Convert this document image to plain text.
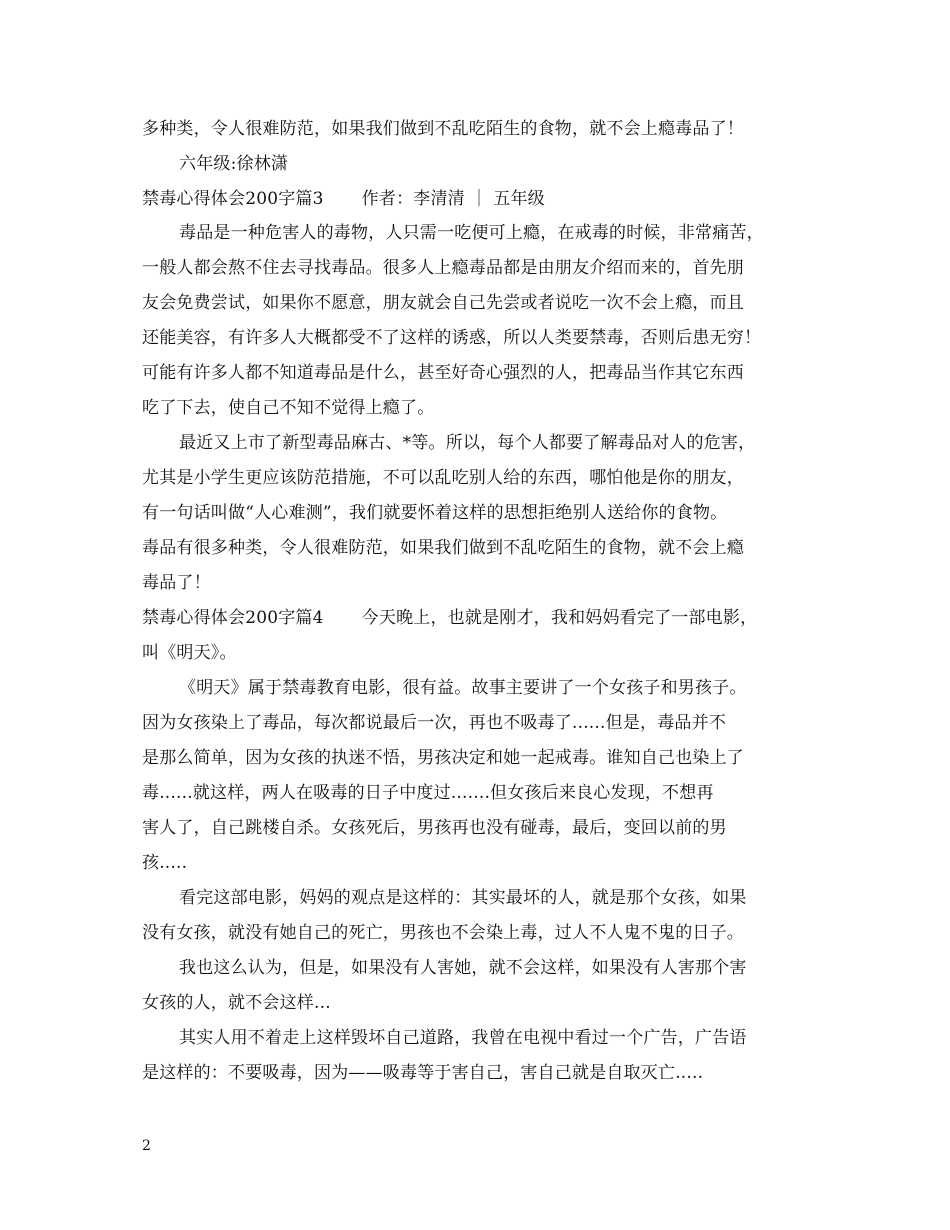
多种类，令人很难防范，如果我们做到不乱吃陌生的食物，就不会上瘾毒品了！
六年级:徐林潇
禁毒心得体会200字篇3 作者：李清清 ｜ 五年级
毒品是一种危害人的毒物，人只需一吃便可上瘾，在戒毒的时候，非常痛苦，
一般人都会熬不住去寻找毒品。很多人上瘾毒品都是由朋友介绍而来的，首先朋
友会免费尝试，如果你不愿意，朋友就会自己先尝或者说吃一次不会上瘾，而且
还能美容，有许多人大概都受不了这样的诱惑，所以人类要禁毒，否则后患无穷！
可能有许多人都不知道毒品是什么，甚至好奇心强烈的人，把毒品当作其它东西
吃了下去，使自己不知不觉得上瘾了。
最近又上市了新型毒品麻古、*等。所以，每个人都要了解毒品对人的危害，
尤其是小学生更应该防范措施，不可以乱吃别人给的东西，哪怕他是你的朋友，
有一句话叫做“人心难测”，我们就要怀着这样的思想拒绝别人送给你的食物。
毒品有很多种类，令人很难防范，如果我们做到不乱吃陌生的食物，就不会上瘾
毒品了！
禁毒心得体会200字篇4 今天晚上，也就是刚才，我和妈妈看完了一部电影，
叫《明天》。
《明天》属于禁毒教育电影，很有益。故事主要讲了一个女孩子和男孩子。
因为女孩染上了毒品，每次都说最后一次，再也不吸毒了......但是，毒品并不
是那么简单，因为女孩的执迷不悟，男孩决定和她一起戒毒。谁知自己也染上了
毒......就这样，两人在吸毒的日子中度过.......但女孩后来良心发现，不想再
害人了，自己跳楼自杀。女孩死后，男孩再也没有碰毒，最后，变回以前的男
孩.....
看完这部电影，妈妈的观点是这样的：其实最坏的人，就是那个女孩，如果
没有女孩，就没有她自己的死亡，男孩也不会染上毒，过人不人鬼不鬼的日子。
我也这么认为，但是，如果没有人害她，就不会这样，如果没有人害那个害
女孩的人，就不会这样...
其实人用不着走上这样毁坏自己道路，我曾在电视中看过一个广告，广告语
是这样的：不要吸毒，因为——吸毒等于害自己，害自己就是自取灭亡.....
2
